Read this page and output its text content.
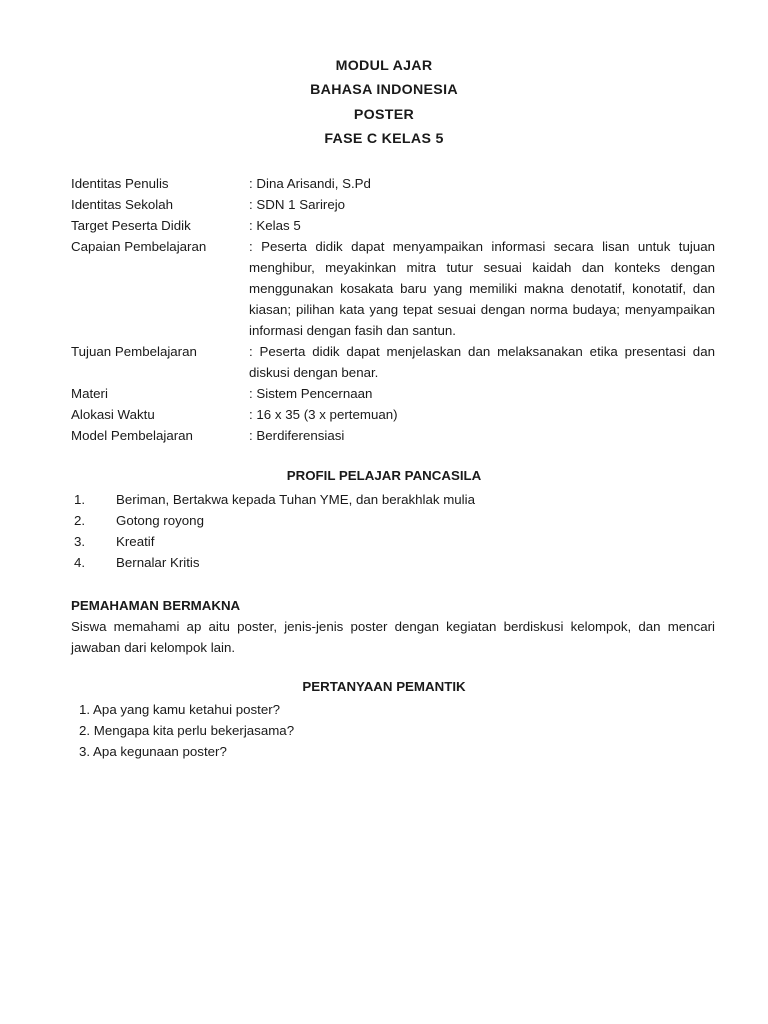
MODUL AJAR
BAHASA INDONESIA
POSTER
FASE C KELAS 5
Identitas Penulis	: Dina Arisandi, S.Pd
Identitas Sekolah	: SDN 1 Sarirejo
Target Peserta Didik	: Kelas 5
Capaian Pembelajaran	: Peserta didik dapat menyampaikan informasi secara lisan untuk tujuan menghibur, meyakinkan mitra tutur sesuai kaidah dan konteks dengan menggunakan kosakata baru yang memiliki makna denotatif, konotatif, dan kiasan; pilihan kata yang tepat sesuai dengan norma budaya; menyampaikan informasi dengan fasih dan santun.
Tujuan Pembelajaran	: Peserta didik dapat menjelaskan dan melaksanakan etika presentasi dan diskusi dengan benar.
Materi	: Sistem Pencernaan
Alokasi Waktu	: 16 x 35 (3 x pertemuan)
Model Pembelajaran	: Berdiferensiasi
PROFIL PELAJAR PANCASILA
1.	Beriman, Bertakwa kepada Tuhan YME, dan berakhlak mulia
2.	Gotong royong
3.	Kreatif
4.	Bernalar Kritis
PEMAHAMAN BERMAKNA
Siswa memahami ap aitu poster, jenis-jenis poster dengan kegiatan berdiskusi kelompok, dan mencari jawaban dari kelompok lain.
PERTANYAAN PEMANTIK
1. Apa yang kamu ketahui poster?
2. Mengapa kita perlu bekerjasama?
3. Apa kegunaan poster?
